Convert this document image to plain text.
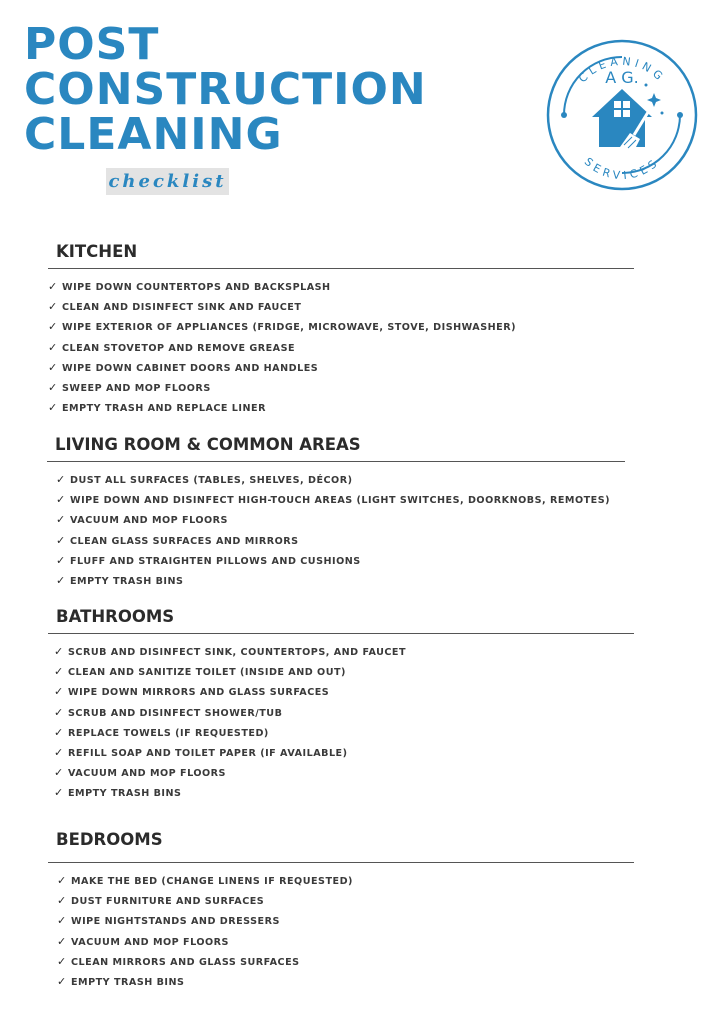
POST
CONSTRUCTION
CLEANING
checklist
CLEANING
SERVICES
A G.
KITCHEN
✓ WIPE DOWN COUNTERTOPS AND BACKSPLASH
✓ CLEAN AND DISINFECT SINK AND FAUCET
✓ WIPE EXTERIOR OF APPLIANCES (FRIDGE, MICROWAVE, STOVE, DISHWASHER)
✓ CLEAN STOVETOP AND REMOVE GREASE
✓ WIPE DOWN CABINET DOORS AND HANDLES
✓ SWEEP AND MOP FLOORS
✓ EMPTY TRASH AND REPLACE LINER
LIVING ROOM & COMMON AREAS
✓ DUST ALL SURFACES (TABLES, SHELVES, DÉCOR)
✓ WIPE DOWN AND DISINFECT HIGH-TOUCH AREAS (LIGHT SWITCHES, DOORKNOBS, REMOTES)
✓ VACUUM AND MOP FLOORS
✓ CLEAN GLASS SURFACES AND MIRRORS
✓ FLUFF AND STRAIGHTEN PILLOWS AND CUSHIONS
✓ EMPTY TRASH BINS
BATHROOMS
✓ SCRUB AND DISINFECT SINK, COUNTERTOPS, AND FAUCET
✓ CLEAN AND SANITIZE TOILET (INSIDE AND OUT)
✓ WIPE DOWN MIRRORS AND GLASS SURFACES
✓ SCRUB AND DISINFECT SHOWER/TUB
✓ REPLACE TOWELS (IF REQUESTED)
✓ REFILL SOAP AND TOILET PAPER (IF AVAILABLE)
✓ VACUUM AND MOP FLOORS
✓ EMPTY TRASH BINS
BEDROOMS
✓ MAKE THE BED (CHANGE LINENS IF REQUESTED)
✓ DUST FURNITURE AND SURFACES
✓ WIPE NIGHTSTANDS AND DRESSERS
✓ VACUUM AND MOP FLOORS
✓ CLEAN MIRRORS AND GLASS SURFACES
✓ EMPTY TRASH BINS
